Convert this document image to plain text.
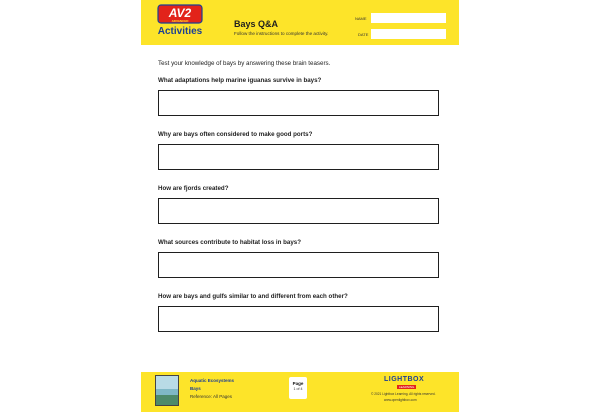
AV2
ADVANCED
Activities
Bays Q&A
Follow the instructions to complete the activity.
NAME
DATE
Test your knowledge of bays by answering these brain teasers.
What adaptations help marine iguanas survive in bays?
Why are bays often considered to make good ports?
How are fjords created?
What sources contribute to habitat loss in bays?
How are bays and gulfs similar to and different from each other?
Aquatic Ecosystems
Bays
Reference: All Pages
Page
1 of 4
LIGHTBOX
LEARNING
© 2021 Lightbox Learning. All rights reserved.
www.openlightbox.com
